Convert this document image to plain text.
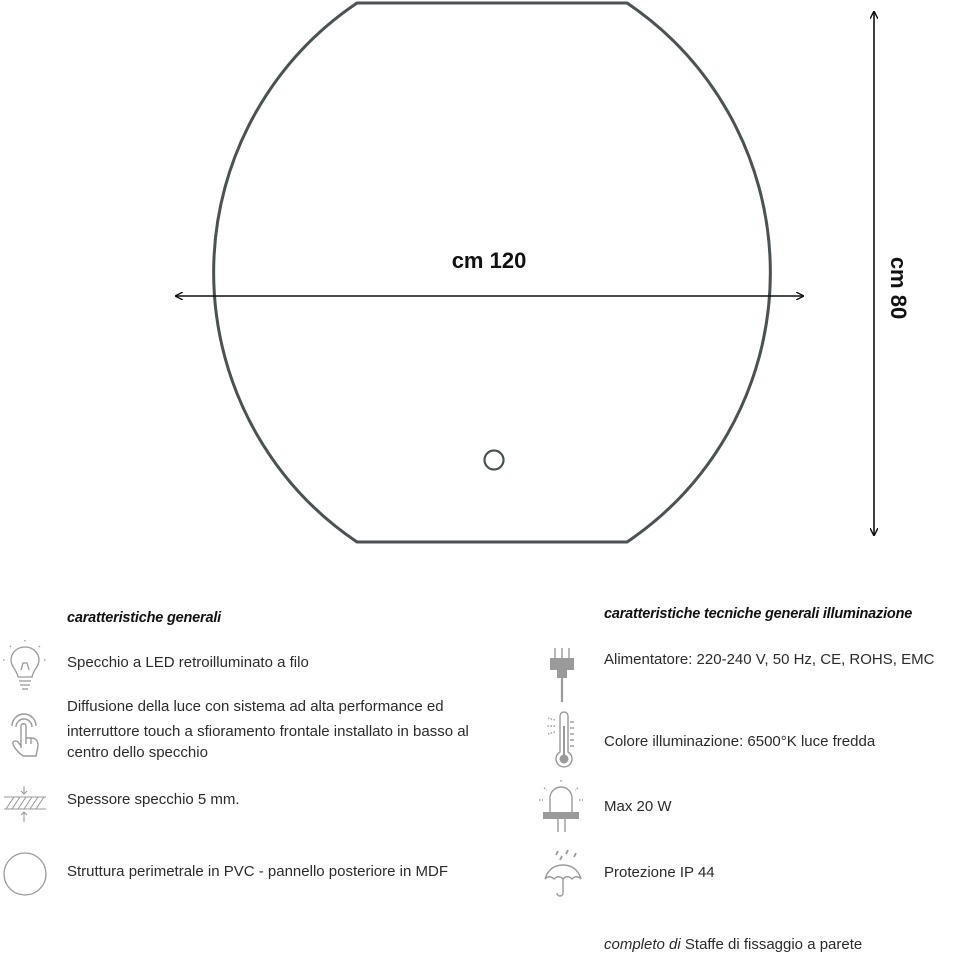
cm 120	cm 80
caratteristiche generali
Specchio a LED retroilluminato a filo
Diffusione della luce con sistema ad alta performance ed
interruttore touch a sfioramento frontale installato in basso al
centro dello specchio
Spessore specchio 5 mm.
Struttura perimetrale in PVC - pannello posteriore in MDF
caratteristiche tecniche generali illuminazione
Alimentatore: 220-240 V, 50 Hz, CE, ROHS, EMC
Colore illuminazione: 6500°K luce fredda
Max 20 W
Protezione IP 44
completo di Staffe di fissaggio a parete
